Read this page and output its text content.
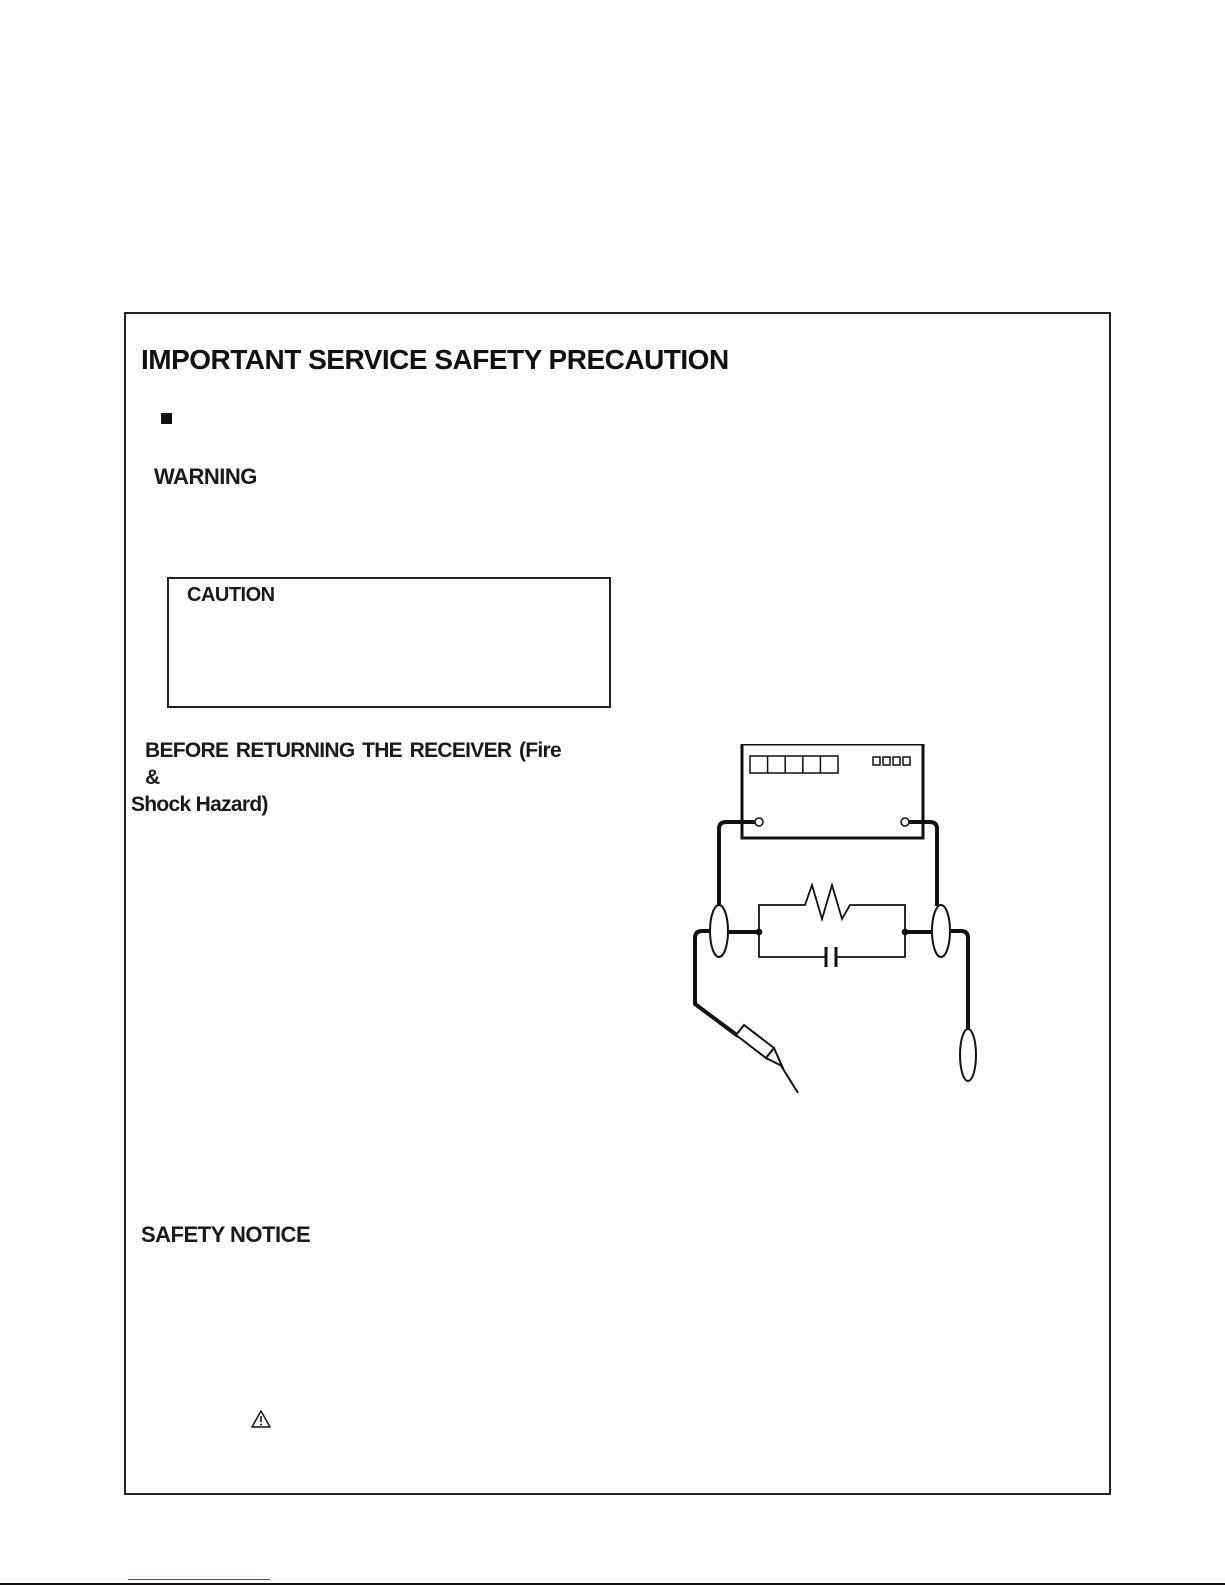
IMPORTANT SERVICE SAFETY PRECAUTION
WARNING
CAUTION
BEFORE RETURNING THE RECEIVER (Fire &
Shock Hazard)
SAFETY NOTICE
